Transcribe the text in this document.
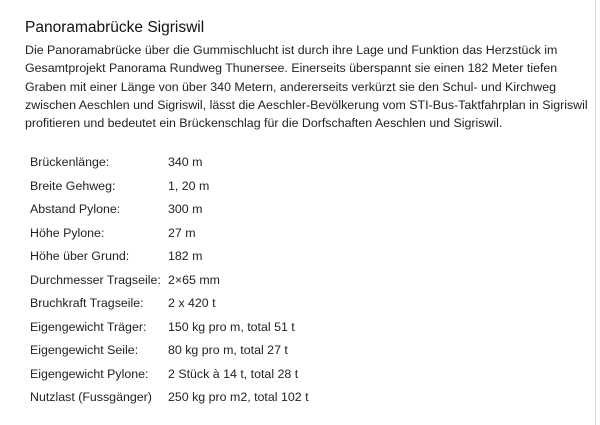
Panoramabrücke Sigriswil

Die Panoramabrücke über die Gummischlucht ist durch ihre Lage und Funktion das Herzstück im Gesamtprojekt Panorama Rundweg Thunersee. Einerseits überspannt sie einen 182 Meter tiefen Graben mit einer Länge von über 340 Metern, andererseits verkürzt sie den Schul- und Kirchweg zwischen Aeschlen und Sigriswil, lässt die Aeschler-Bevölkerung vom STI-Bus-Taktfahrplan in Sigriswil profitieren und bedeutet ein Brückenschlag für die Dorfschaften Aeschlen und Sigriswil.

Brückenlänge:	340 m
Breite Gehweg:	1, 20 m
Abstand Pylone:	300 m
Höhe Pylone:	27 m
Höhe über Grund:	182 m
Durchmesser Tragseile:	2×65 mm
Bruchkraft Tragseile:	2 x 420 t
Eigengewicht Träger:	150 kg pro m, total 51 t
Eigengewicht Seile:	80 kg pro m, total 27 t
Eigengewicht Pylone:	2 Stück à 14 t, total 28 t
Nutzlast (Fussgänger)	250 kg pro m2, total 102 t
